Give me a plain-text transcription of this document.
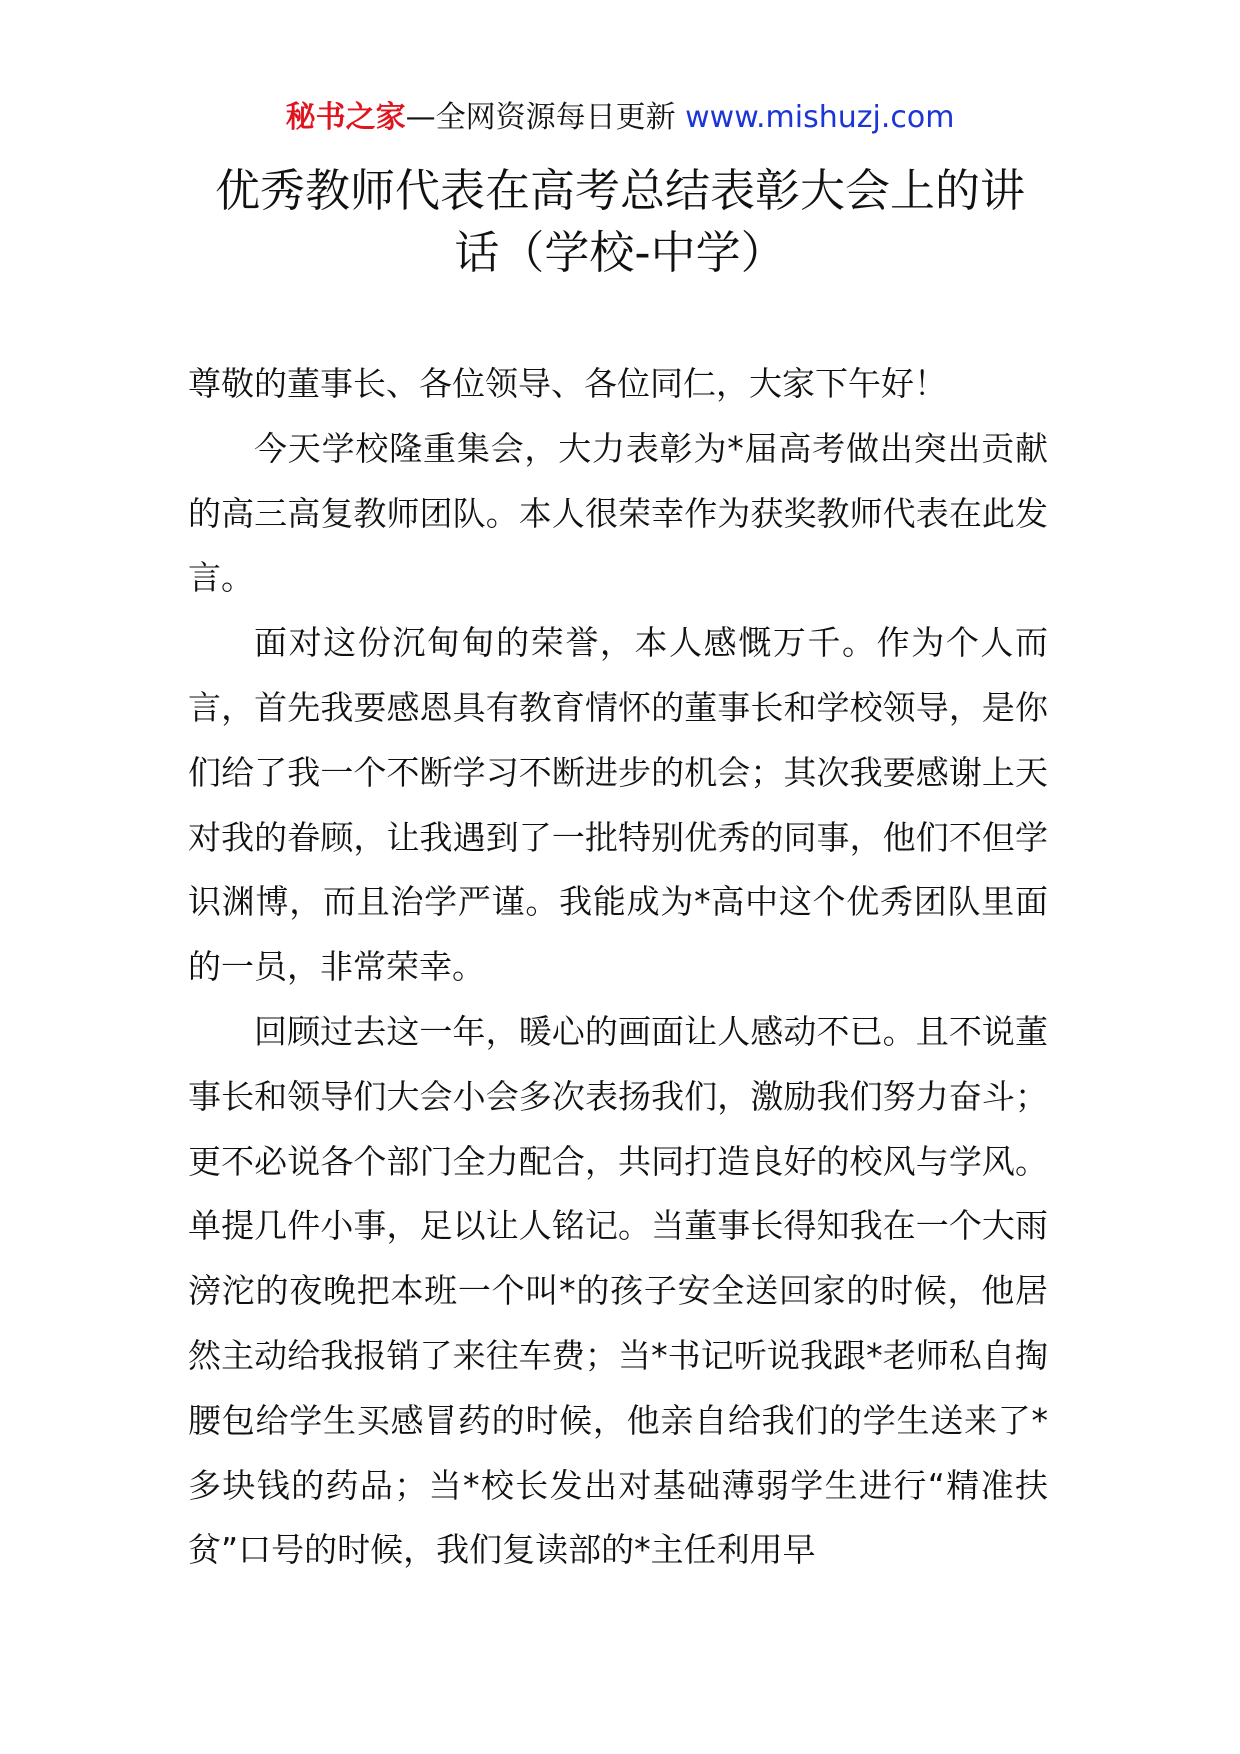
秘书之家—全网资源每日更新 www.mishuzj.com
优秀教师代表在高考总结表彰大会上的讲话（学校-中学）

尊敬的董事长、各位领导、各位同仁，大家下午好！

今天学校隆重集会，大力表彰为*届高考做出突出贡献的高三高复教师团队。本人很荣幸作为获奖教师代表在此发言。

面对这份沉甸甸的荣誉，本人感慨万千。作为个人而言，首先我要感恩具有教育情怀的董事长和学校领导，是你们给了我一个不断学习不断进步的机会；其次我要感谢上天对我的眷顾，让我遇到了一批特别优秀的同事，他们不但学识渊博，而且治学严谨。我能成为*高中这个优秀团队里面的一员，非常荣幸。

回顾过去这一年，暖心的画面让人感动不已。且不说董事长和领导们大会小会多次表扬我们，激励我们努力奋斗；更不必说各个部门全力配合，共同打造良好的校风与学风。单提几件小事，足以让人铭记。当董事长得知我在一个大雨滂沱的夜晚把本班一个叫*的孩子安全送回家的时候，他居然主动给我报销了来往车费；当*书记听说我跟*老师私自掏腰包给学生买感冒药的时候，他亲自给我们的学生送来了*多块钱的药品；当*校长发出对基础薄弱学生进行“精准扶贫”口号的时候，我们复读部的*主任利用早
